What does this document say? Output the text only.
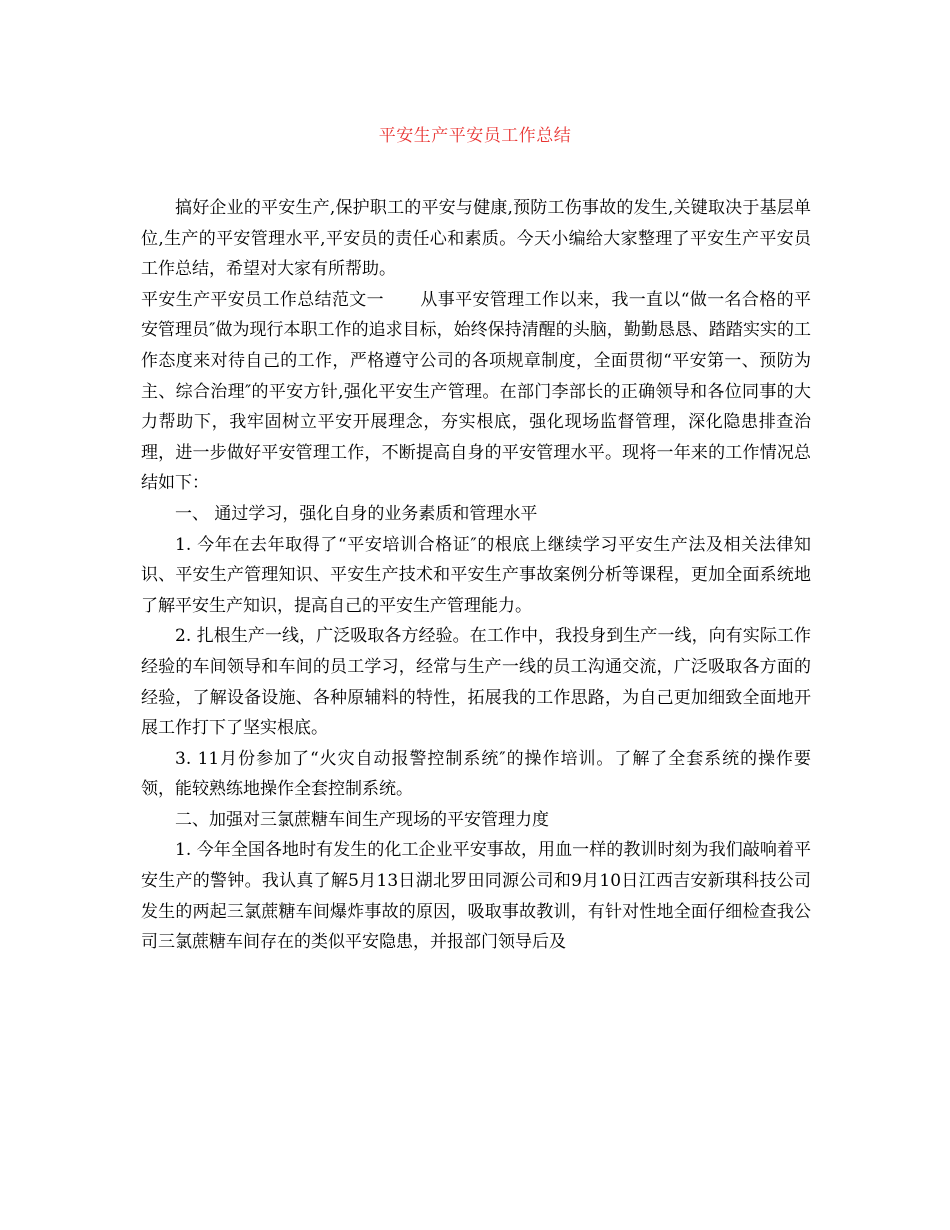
平安生产平安员工作总结

搞好企业的平安生产,保护职工的平安与健康,预防工伤事故的发生,关键取决于基层单位,生产的平安管理水平,平安员的责任心和素质。今天小编给大家整理了平安生产平安员工作总结，希望对大家有所帮助。

平安生产平安员工作总结范文一 从事平安管理工作以来，我一直以“做一名合格的平安管理员″做为现行本职工作的追求目标，始终保持清醒的头脑，勤勤恳恳、踏踏实实的工作态度来对待自己的工作，严格遵守公司的各项规章制度，全面贯彻“平安第一、预防为主、综合治理″的平安方针,强化平安生产管理。在部门李部长的正确领导和各位同事的大力帮助下，我牢固树立平安开展理念，夯实根底，强化现场监督管理，深化隐患排查治理，进一步做好平安管理工作，不断提高自身的平安管理水平。现将一年来的工作情况总结如下：

一、 通过学习，强化自身的业务素质和管理水平

1. 今年在去年取得了“平安培训合格证″的根底上继续学习平安生产法及相关法律知识、平安生产管理知识、平安生产技术和平安生产事故案例分析等课程，更加全面系统地了解平安生产知识，提高自己的平安生产管理能力。

2. 扎根生产一线，广泛吸取各方经验。在工作中，我投身到生产一线，向有实际工作经验的车间领导和车间的员工学习，经常与生产一线的员工沟通交流，广泛吸取各方面的经验，了解设备设施、各种原辅料的特性，拓展我的工作思路，为自己更加细致全面地开展工作打下了坚实根底。

3. 11月份参加了“火灾自动报警控制系统″的操作培训。了解了全套系统的操作要领，能较熟练地操作全套控制系统。

二、加强对三氯蔗糖车间生产现场的平安管理力度

1. 今年全国各地时有发生的化工企业平安事故，用血一样的教训时刻为我们敲响着平安生产的警钟。我认真了解5月13日湖北罗田同源公司和9月10日江西吉安新琪科技公司发生的两起三氯蔗糖车间爆炸事故的原因，吸取事故教训，有针对性地全面仔细检查我公司三氯蔗糖车间存在的类似平安隐患，并报部门领导后及
